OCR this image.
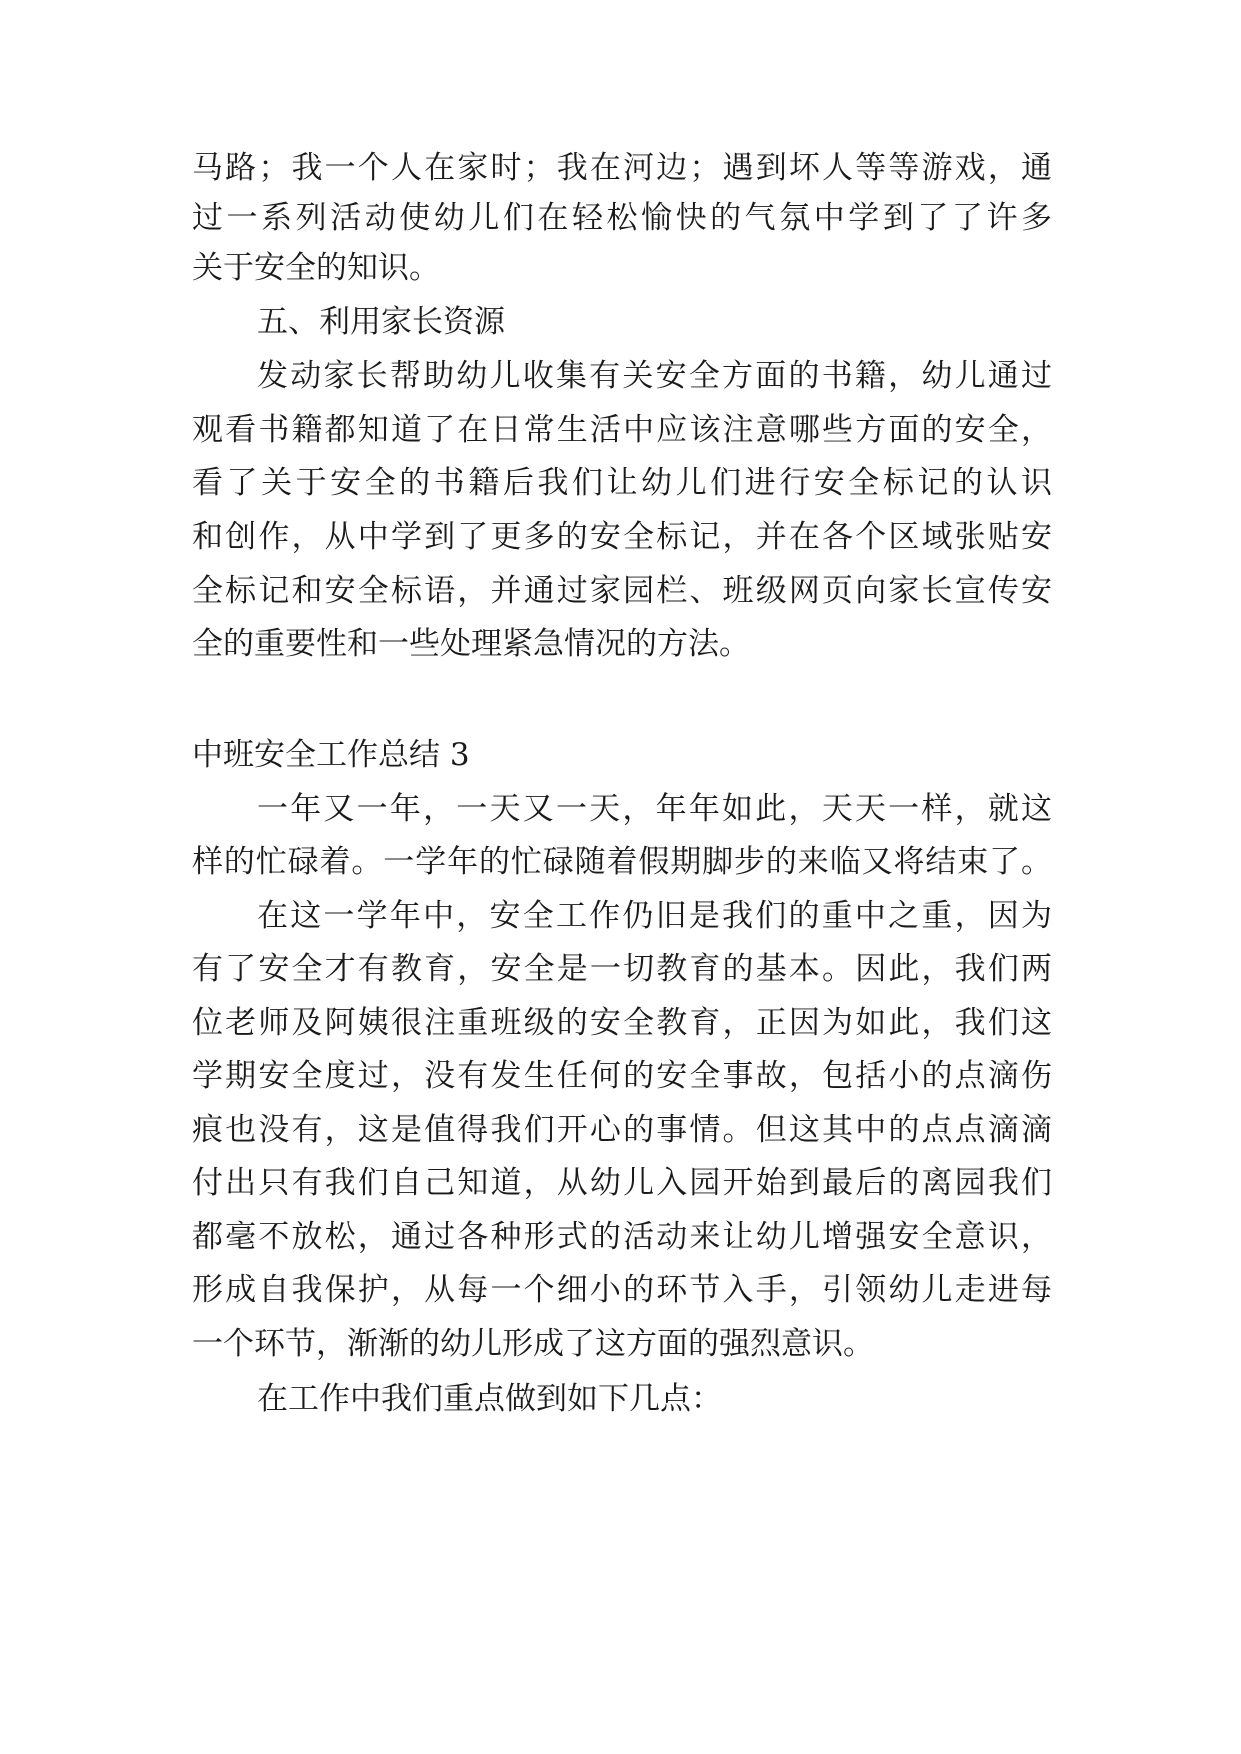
马路；我一个人在家时；我在河边；遇到坏人等等游戏，通
过一系列活动使幼儿们在轻松愉快的气氛中学到了了许多
关于安全的知识。
五、利用家长资源
发动家长帮助幼儿收集有关安全方面的书籍，幼儿通过
观看书籍都知道了在日常生活中应该注意哪些方面的安全，
看了关于安全的书籍后我们让幼儿们进行安全标记的认识
和创作，从中学到了更多的安全标记，并在各个区域张贴安
全标记和安全标语，并通过家园栏、班级网页向家长宣传安
全的重要性和一些处理紧急情况的方法。
中班安全工作总结 3
一年又一年，一天又一天，年年如此，天天一样，就这
样的忙碌着。一学年的忙碌随着假期脚步的来临又将结束了。
在这一学年中，安全工作仍旧是我们的重中之重，因为
有了安全才有教育，安全是一切教育的基本。因此，我们两
位老师及阿姨很注重班级的安全教育，正因为如此，我们这
学期安全度过，没有发生任何的安全事故，包括小的点滴伤
痕也没有，这是值得我们开心的事情。但这其中的点点滴滴
付出只有我们自己知道，从幼儿入园开始到最后的离园我们
都毫不放松，通过各种形式的活动来让幼儿增强安全意识，
形成自我保护，从每一个细小的环节入手，引领幼儿走进每
一个环节，渐渐的幼儿形成了这方面的强烈意识。
在工作中我们重点做到如下几点：
